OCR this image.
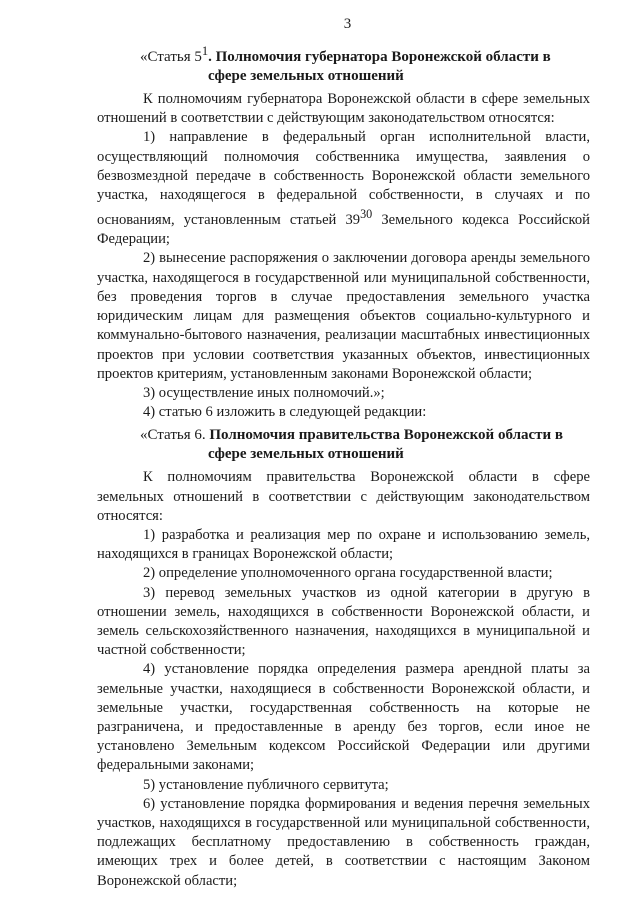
3
«Статья $5^1$. Полномочия губернатора Воронежской области в
сфере земельных отношений

К полномочиям губернатора Воронежской области в сфере земельных отношений в соответствии с действующим законодательством относятся:

1) направление в федеральный орган исполнительной власти, осуществляющий полномочия собственника имущества, заявления о безвозмездной передаче в собственность Воронежской области земельного участка, находящегося в федеральной собственности, в случаях и по основаниям, установленным статьей $39^{30}$ Земельного кодекса Российской Федерации;

2) вынесение распоряжения о заключении договора аренды земельного участка, находящегося в государственной или муниципальной собственности, без проведения торгов в случае предоставления земельного участка юридическим лицам для размещения объектов социально-культурного и коммунально-бытового назначения, реализации масштабных инвестиционных проектов при условии соответствия указанных объектов, инвестиционных проектов критериям, установленным законами Воронежской области;

3) осуществление иных полномочий.»;

4) статью 6 изложить в следующей редакции:

«Статья 6. Полномочия правительства Воронежской области в
сфере земельных отношений

К полномочиям правительства Воронежской области в сфере земельных отношений в соответствии с действующим законодательством относятся:

1) разработка и реализация мер по охране и использованию земель, находящихся в границах Воронежской области;

2) определение уполномоченного органа государственной власти;

3) перевод земельных участков из одной категории в другую в отношении земель, находящихся в собственности Воронежской области, и земель сельскохозяйственного назначения, находящихся в муниципальной и частной собственности;

4) установление порядка определения размера арендной платы за земельные участки, находящиеся в собственности Воронежской области, и земельные участки, государственная собственность на которые не разграничена, и предоставленные в аренду без торгов, если иное не установлено Земельным кодексом Российской Федерации или другими федеральными законами;

5) установление публичного сервитута;

6) установление порядка формирования и ведения перечня земельных участков, находящихся в государственной или муниципальной собственности, подлежащих бесплатному предоставлению в собственность граждан, имеющих трех и более детей, в соответствии с настоящим Законом Воронежской области;
